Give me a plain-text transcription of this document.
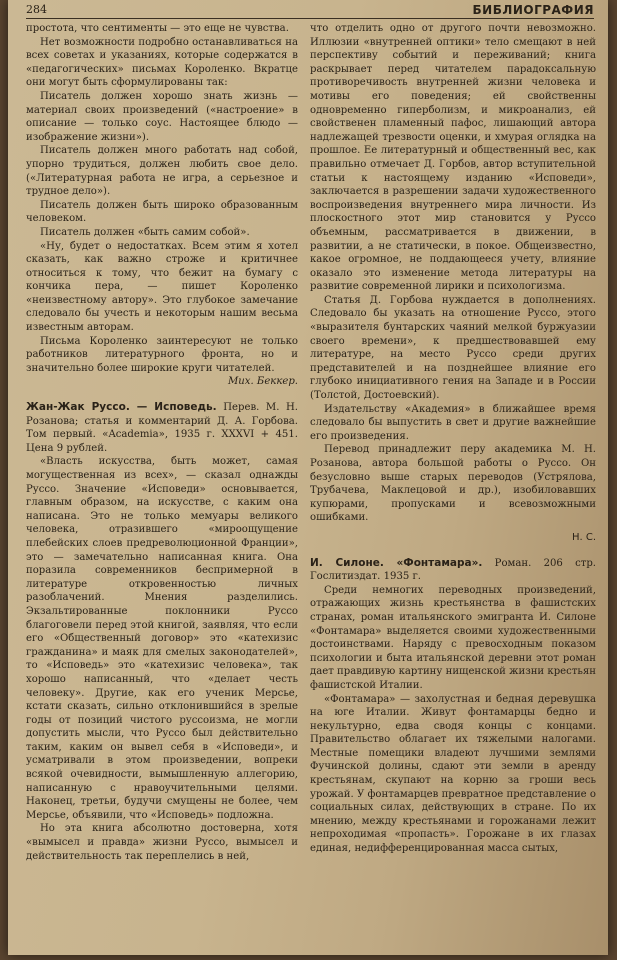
284	БИБЛИОГРАФИЯ

простота, что сентименты — это еще не чувства.

Нет возможности подробно останавливаться на всех советах и указаниях, которые содержатся в «педагогических» письмах Короленко. Вкратце они могут быть сформулированы так:

Писатель должен хорошо знать жизнь — материал своих произведений («настроение» в описание — только соус. Настоящее блюдо — изображение жизни»).

Писатель должен много работать над собой, упорно трудиться, должен любить свое дело. («Литературная работа не игра, а серьезное и трудное дело»).

Писатель должен быть широко образованным человеком.

Писатель должен «быть самим собой».

«Ну, будет о недостатках. Всем этим я хотел сказать, как важно строже и критичнее относиться к тому, что бежит на бумагу с кончика пера, — пишет Короленко «неизвестному автору». Это глубокое замечание следовало бы учесть и некоторым нашим весьма известным авторам.

Письма Короленко заинтересуют не только работников литературного фронта, но и значительно более широкие круги читателей.

Мих. Беккер.

Жан-Жак Руссо. — Исповедь. Перев. М. Н. Розанова; статья и комментарий Д. А. Горбова. Том первый. «Academia», 1935 г. XXXVI + 451. Цена 9 рублей.

«Власть искусства, быть может, самая могущественная из всех», — сказал однажды Руссо. Значение «Исповеди» основывается, главным образом, на искусстве, с каким она написана. Это не только мемуары великого человека, отразившего «мироощущение плебейских слоев предреволюционной Франции», это — замечательно написанная книга. Она поразила современников беспримерной в литературе откровенностью личных разоблачений. Мнения разделились. Экзальтированные поклонники Руссо благоговели перед этой книгой, заявляя, что если его «Общественный договор» это «катехизис гражданина» и маяк для смелых законодателей», то «Исповедь» это «катехизис человека», так хорошо написанный, что «делает честь человеку». Другие, как его ученик Мерсье, кстати сказать, сильно отклонившийся в зрелые годы от позиций чистого руссоизма, не могли допустить мысли, что Руссо был действительно таким, каким он вывел себя в «Исповеди», и усматривали в этом произведении, вопреки всякой очевидности, вымышленную аллегорию, написанную с нравоучительными целями. Наконец, третьи, будучи смущены не более, чем Мерсье, объявили, что «Исповедь» подложна.

Но эта книга абсолютно достоверна, хотя «вымысел и правда» жизни Руссо, вымысел и действительность так переплелись в ней,

что отделить одно от другого почти невозможно. Иллюзии «внутренней оптики» тело смещают в ней перспективу событий и переживаний; книга раскрывает перед читателем парадоксальную противоречивость внутренней жизни человека и мотивы его поведения; ей свойственны одновременно гиперболизм, и микроанализ, ей свойственен пламенный пафос, лишающий автора надлежащей трезвости оценки, и хмурая оглядка на прошлое. Ее литературный и общественный вес, как правильно отмечает Д. Горбов, автор вступительной статьи к настоящему изданию «Исповеди», заключается в разрешении задачи художественного воспроизведения внутреннего мира личности. Из плоскостного этот мир становится у Руссо объемным, рассматривается в движении, в развитии, а не статически, в покое. Общеизвестно, какое огромное, не поддающееся учету, влияние оказало это изменение метода литературы на развитие современной лирики и психологизма.

Статья Д. Горбова нуждается в дополнениях. Следовало бы указать на отношение Руссо, этого «выразителя бунтарских чаяний мелкой буржуазии своего времени», к предшествовавшей ему литературе, на место Руссо среди других представителей и на позднейшее влияние его глубоко инициативного гения на Западе и в России (Толстой, Достоевский).

Издательству «Академия» в ближайшее время следовало бы выпустить в свет и другие важнейшие его произведения.

Перевод принадлежит перу академика М. Н. Розанова, автора большой работы о Руссо. Он безусловно выше старых переводов (Устрялова, Трубачева, Маклецовой и др.), изобиловавших купюрами, пропусками и всевозможными ошибками.

Н. С.

И. Силоне. «Фонтамара». Роман. 206 стр. Гослитиздат. 1935 г.

Среди немногих переводных произведений, отражающих жизнь крестьянства в фашистских странах, роман итальянского эмигранта И. Силоне «Фонтамара» выделяется своими художественными достоинствами. Наряду с превосходным показом психологии и быта итальянской деревни этот роман дает правдивую картину нищенской жизни крестьян фашистской Италии.

«Фонтамара» — захолустная и бедная деревушка на юге Италии. Живут фонтамарцы бедно и некультурно, едва сводя концы с концами. Правительство облагает их тяжелыми налогами. Местные помещики владеют лучшими землями Фучинской долины, сдают эти земли в аренду крестьянам, скупают на корню за гроши весь урожай. У фонтамарцев превратное представление о социальных силах, действующих в стране. По их мнению, между крестьянами и горожанами лежит непроходимая «пропасть». Горожане в их глазах единая, недифференцированная масса сытых,
